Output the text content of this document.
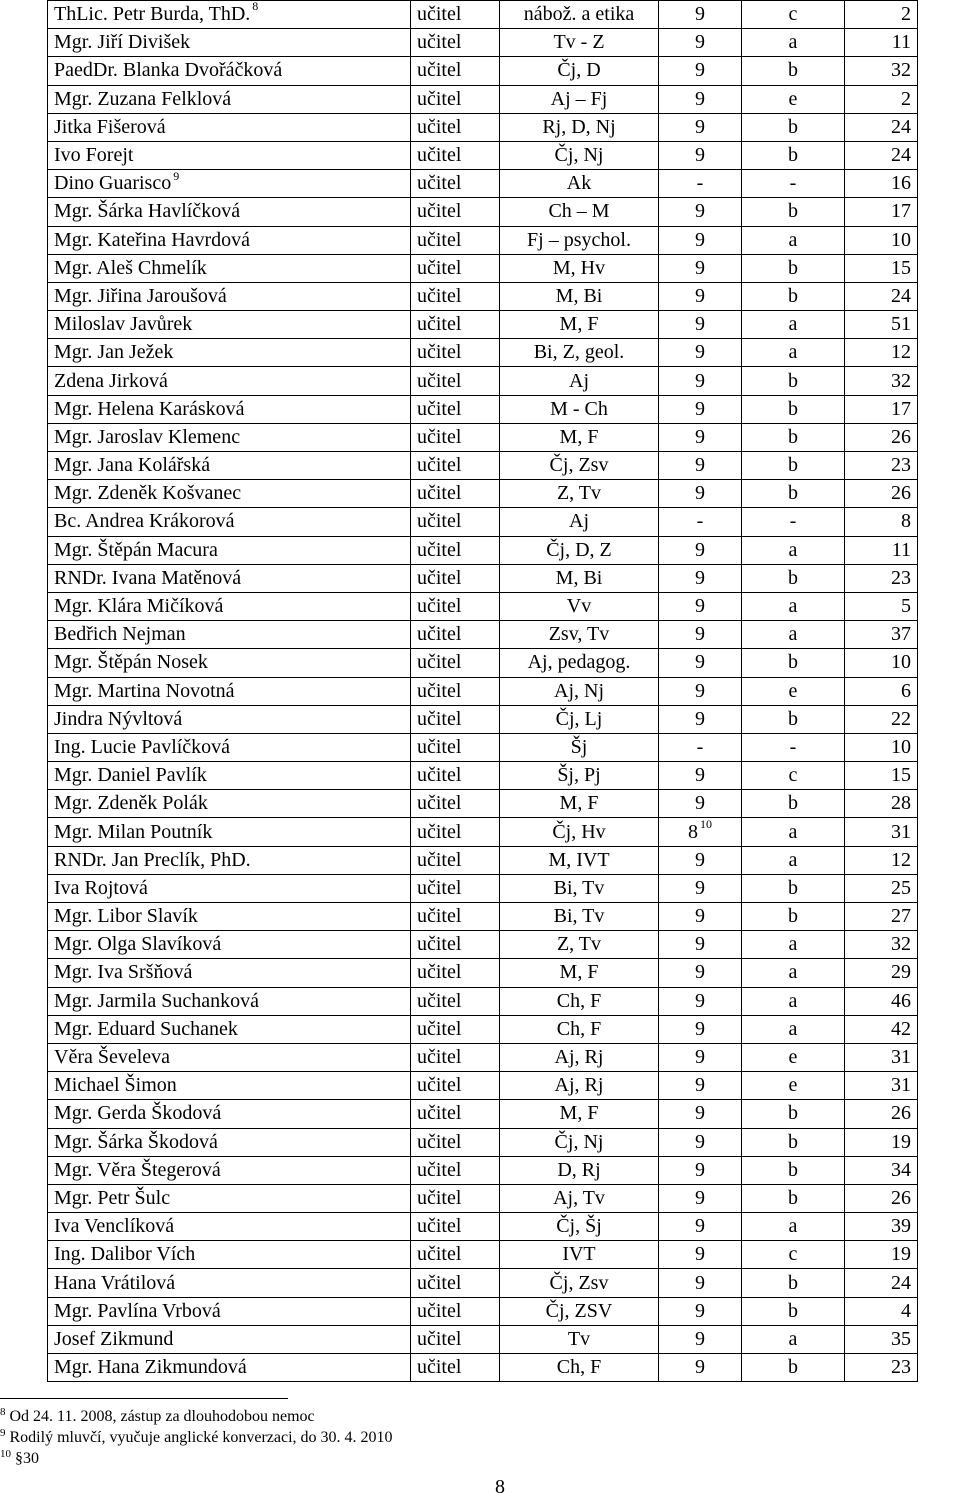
ThLic. Petr Burda, ThD. $^8$	učitel	nábož. a etika	9	c	2
Mgr. Jiří Divišek	učitel	Tv - Z	9	a	11
PaedDr. Blanka Dvořáčková	učitel	Čj, D	9	b	32
Mgr. Zuzana Felklová	učitel	Aj – Fj	9	e	2
Jitka Fišerová	učitel	Rj, D, Nj	9	b	24
Ivo Forejt	učitel	Čj, Nj	9	b	24
Dino Guarisco $^9$	učitel	Ak	-	-	16
Mgr. Šárka Havlíčková	učitel	Ch – M	9	b	17
Mgr. Kateřina Havrdová	učitel	Fj – psychol.	9	a	10
Mgr. Aleš Chmelík	učitel	M, Hv	9	b	15
Mgr. Jiřina Jaroušová	učitel	M, Bi	9	b	24
Miloslav Javůrek	učitel	M, F	9	a	51
Mgr. Jan Ježek	učitel	Bi, Z, geol.	9	a	12
Zdena Jirková	učitel	Aj	9	b	32
Mgr. Helena Karásková	učitel	M - Ch	9	b	17
Mgr. Jaroslav Klemenc	učitel	M, F	9	b	26
Mgr. Jana Kolářská	učitel	Čj, Zsv	9	b	23
Mgr. Zdeněk Košvanec	učitel	Z, Tv	9	b	26
Bc. Andrea Krákorová	učitel	Aj	-	-	8
Mgr. Štěpán Macura	učitel	Čj, D, Z	9	a	11
RNDr. Ivana Matěnová	učitel	M, Bi	9	b	23
Mgr. Klára Mičíková	učitel	Vv	9	a	5
Bedřich Nejman	učitel	Zsv, Tv	9	a	37
Mgr. Štěpán Nosek	učitel	Aj, pedagog.	9	b	10
Mgr. Martina Novotná	učitel	Aj, Nj	9	e	6
Jindra Nývltová	učitel	Čj, Lj	9	b	22
Ing. Lucie Pavlíčková	učitel	Šj	-	-	10
Mgr. Daniel Pavlík	učitel	Šj, Pj	9	c	15
Mgr. Zdeněk Polák	učitel	M, F	9	b	28
Mgr. Milan Poutník	učitel	Čj, Hv	8 $^{10}$	a	31
RNDr. Jan Preclík, PhD.	učitel	M, IVT	9	a	12
Iva Rojtová	učitel	Bi, Tv	9	b	25
Mgr. Libor Slavík	učitel	Bi, Tv	9	b	27
Mgr. Olga Slavíková	učitel	Z, Tv	9	a	32
Mgr. Iva Sršňová	učitel	M, F	9	a	29
Mgr. Jarmila Suchanková	učitel	Ch, F	9	a	46
Mgr. Eduard Suchanek	učitel	Ch, F	9	a	42
Věra Ševeleva	učitel	Aj, Rj	9	e	31
Michael Šimon	učitel	Aj, Rj	9	e	31
Mgr. Gerda Škodová	učitel	M, F	9	b	26
Mgr. Šárka Škodová	učitel	Čj, Nj	9	b	19
Mgr. Věra Štegerová	učitel	D, Rj	9	b	34
Mgr. Petr Šulc	učitel	Aj, Tv	9	b	26
Iva Venclíková	učitel	Čj, Šj	9	a	39
Ing. Dalibor Vích	učitel	IVT	9	c	19
Hana Vrátilová	učitel	Čj, Zsv	9	b	24
Mgr. Pavlína Vrbová	učitel	Čj, ZSV	9	b	4
Josef Zikmund	učitel	Tv	9	a	35
Mgr. Hana Zikmundová	učitel	Ch, F	9	b	23
$^8$ Od 24. 11. 2008, zástup za dlouhodobou nemoc
$^9$ Rodilý mluvčí, vyučuje anglické konverzaci, do 30. 4. 2010
$^{10}$ §30
8
